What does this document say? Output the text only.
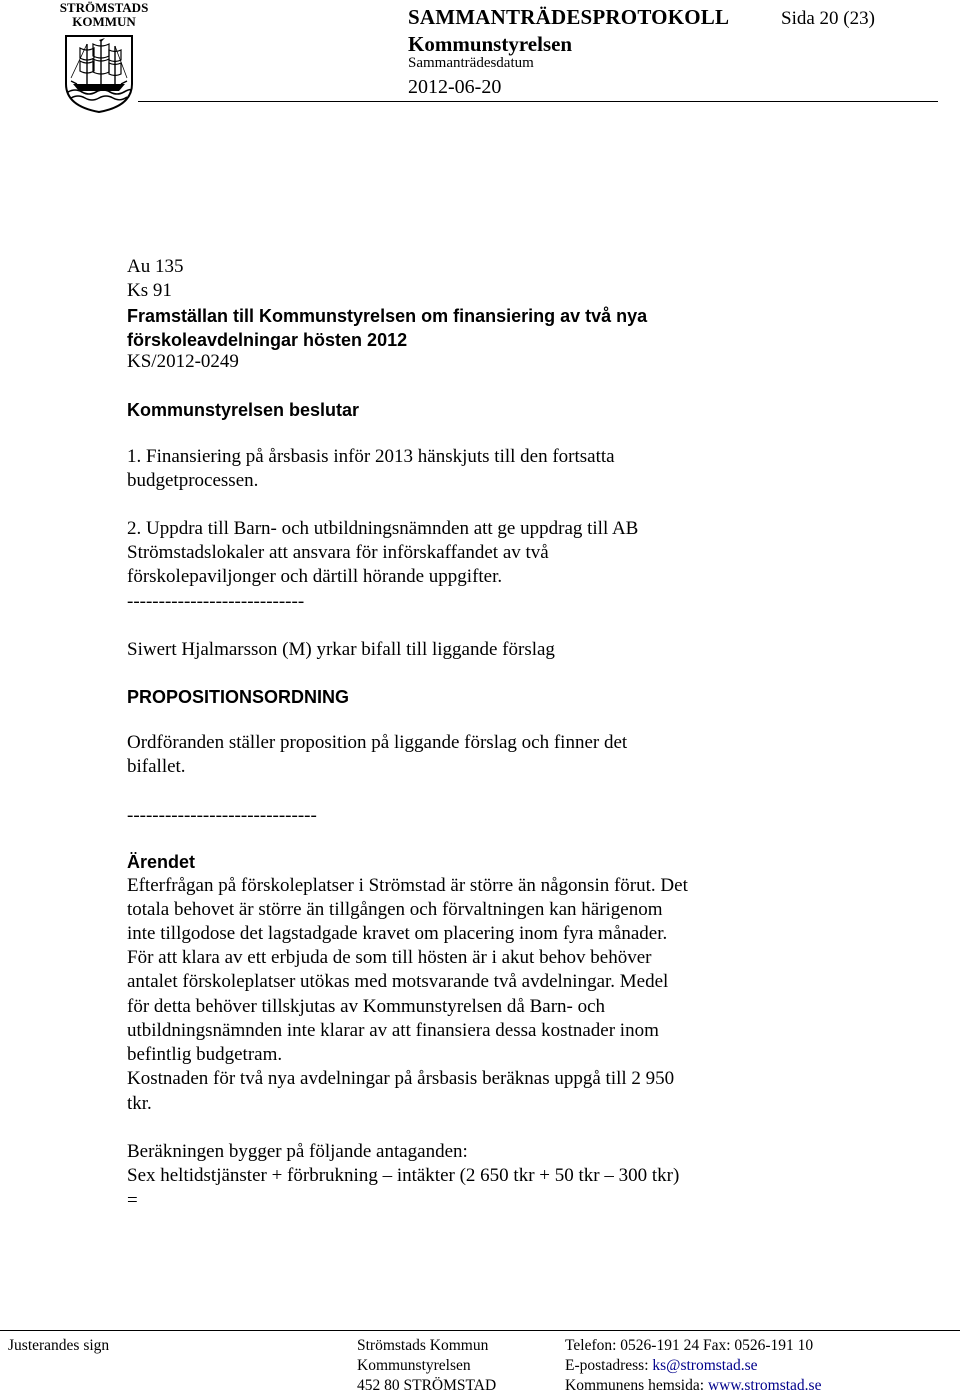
STRÖMSTADS
KOMMUN	SAMMANTRÄDESPROTOKOLL	Sida 20 (23)
Kommunstyrelsen
Sammanträdesdatum
2012-06-20
Au 135
Ks 91
Framställan till Kommunstyrelsen om finansiering av två nya
förskoleavdelningar hösten 2012
KS/2012-0249
Kommunstyrelsen beslutar
1. Finansiering på årsbasis inför 2013 hänskjuts till den fortsatta
budgetprocessen.
2. Uppdra till Barn- och utbildningsnämnden att ge uppdrag till AB
Strömstadslokaler att ansvara för införskaffandet av två
förskolepaviljonger och därtill hörande uppgifter.
----------------------------
Siwert Hjalmarsson (M) yrkar bifall till liggande förslag
PROPOSITIONSORDNING
Ordföranden ställer proposition på liggande förslag och finner det
bifallet.
------------------------------
Ärendet
Efterfrågan på förskoleplatser i Strömstad är större än någonsin förut. Det
totala behovet är större än tillgången och förvaltningen kan härigenom
inte tillgodose det lagstadgade kravet om placering inom fyra månader.
För att klara av ett erbjuda de som till hösten är i akut behov behöver
antalet förskoleplatser utökas med motsvarande två avdelningar. Medel
för detta behöver tillskjutas av Kommunstyrelsen då Barn- och
utbildningsnämnden inte klarar av att finansiera dessa kostnader inom
befintlig budgetram.
Kostnaden för två nya avdelningar på årsbasis beräknas uppgå till 2 950
tkr.
Beräkningen bygger på följande antaganden:
Sex heltidstjänster + förbrukning – intäkter (2 650 tkr + 50 tkr – 300 tkr)
=
Justerandes sign	Strömstads Kommun
Kommunstyrelsen
452 80 STRÖMSTAD
Telefon: 0526-191 24 Fax: 0526-191 10
E-postadress: ks@stromstad.se
Kommunens hemsida: www.stromstad.se
